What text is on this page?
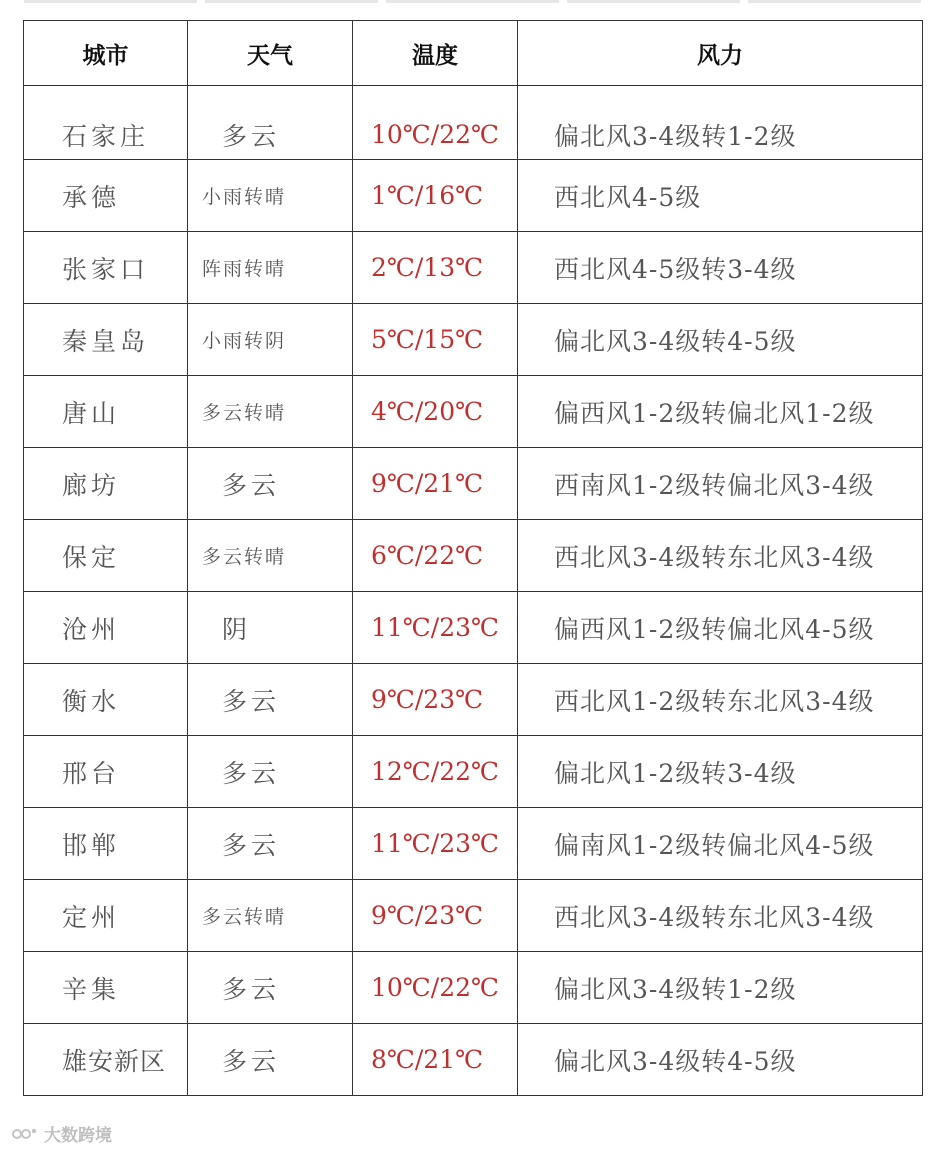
城市	天气	温度	风力
石家庄	多云	10℃/22℃	偏北风3-4级转1-2级
承德	小雨转晴	1℃/16℃	西北风4-5级
张家口	阵雨转晴	2℃/13℃	西北风4-5级转3-4级
秦皇岛	小雨转阴	5℃/15℃	偏北风3-4级转4-5级
唐山	多云转晴	4℃/20℃	偏西风1-2级转偏北风1-2级
廊坊	多云	9℃/21℃	西南风1-2级转偏北风3-4级
保定	多云转晴	6℃/22℃	西北风3-4级转东北风3-4级
沧州	阴	11℃/23℃	偏西风1-2级转偏北风4-5级
衡水	多云	9℃/23℃	西北风1-2级转东北风3-4级
邢台	多云	12℃/22℃	偏北风1-2级转3-4级
邯郸	多云	11℃/23℃	偏南风1-2级转偏北风4-5级
定州	多云转晴	9℃/23℃	西北风3-4级转东北风3-4级
辛集	多云	10℃/22℃	偏北风3-4级转1-2级
雄安新区	多云	8℃/21℃	偏北风3-4级转4-5级
大数跨境
